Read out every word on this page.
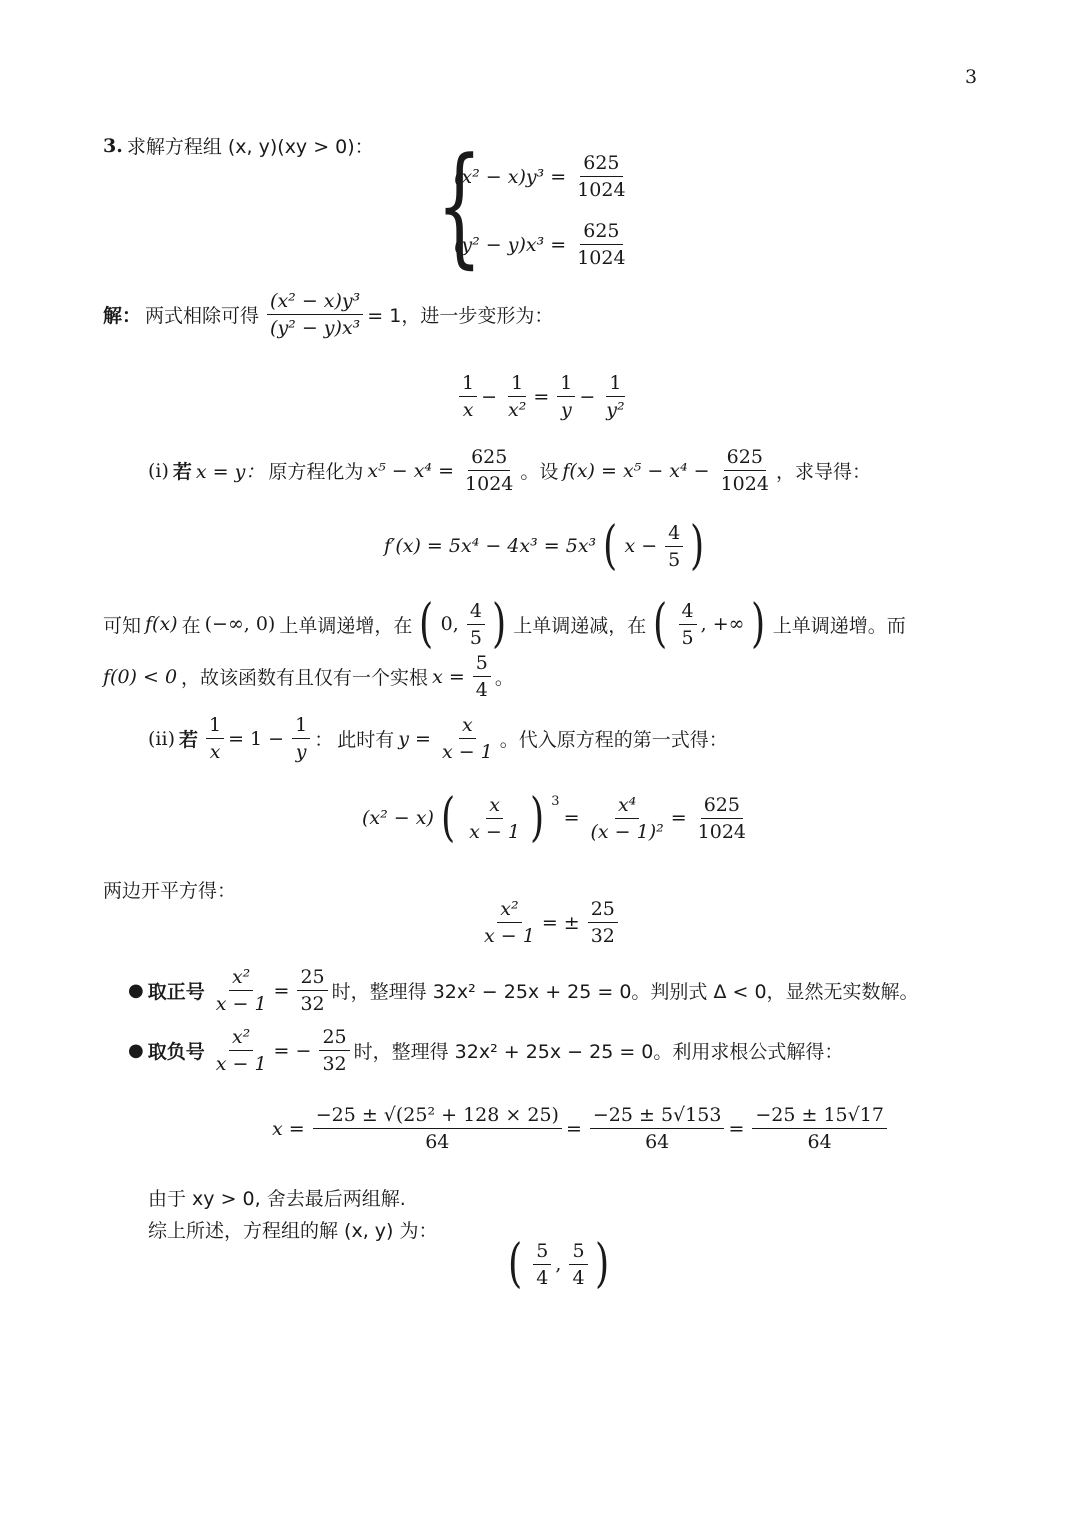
3
3. 求解方程组 (x, y)(xy > 0)： {
$(x^2 - x)y^3 = \frac{625}{1024}$
$(y^2 - y)x^3 = \frac{625}{1024}$
解： 两式相除可得 $\frac{\text{(x² − x)y³}}{\text{(y² − y)x³}} = 1$，进一步变形为：
$\frac{1}{x} - \frac{1}{\text{x²}} = \frac{1}{y} - \frac{1}{\text{y²}}$
(i) 若 x = y： 原方程化为 $x^5 - x^4 = \frac{625}{1024}$ 。设 $f(x) = x^5 - x^4 - \frac{625}{1024}$ ，求导得：
f′(x) = 5x⁴ − 4x³ = 5x³ ( $x - \frac{4}{5}$ )
可知 f(x) 在 (−∞, 0) 上单调递增，在 ( 0, $\frac{4}{5}$ ) 上单调递减，在 ( $\frac{4}{5}$ , +∞ ) 上单调递增。而
f(0) < 0 ，故该函数有且仅有一个实根 $x = \frac{5}{4}$ 。
(ii) 若 $\frac{1}{x} = 1 - \frac{1}{y}$ ： 此时有 $y = \frac{x}{x - 1}$ 。代入原方程的第一式得：
(x² − x) ( $\frac{x}{x - 1}$ ) $^3$
= $\frac{\text{x⁴}}{\text{(x − 1)²}} = \frac{625}{1024}$
两边开平方得：
$\frac{\text{x²}}{x - 1}$ = ± $\frac{25}{32}$
● 取正号 $\frac{\text{x²}}{x - 1} = \frac{25}{32}$ 时，整理得 32x² − 25x + 25 = 0。判别式 Δ < 0，显然无实数解。
● 取负号 $\frac{\text{x²}}{x - 1}$ = − $\frac{25}{32}$ 时，整理得 32x² + 25x − 25 = 0。利用求根公式解得：
$x = \frac{\text{−25 ± √(25² + 128 × 25)}}{64} = \frac{-25 \pm 5√153}{64} = \frac{-25 \pm 15√17}{64}$
由于 xy > 0, 舍去最后两组解.
综上所述，方程组的解 (x, y) 为：
( $\frac{5}{4}$ , $\frac{5}{4}$ )
